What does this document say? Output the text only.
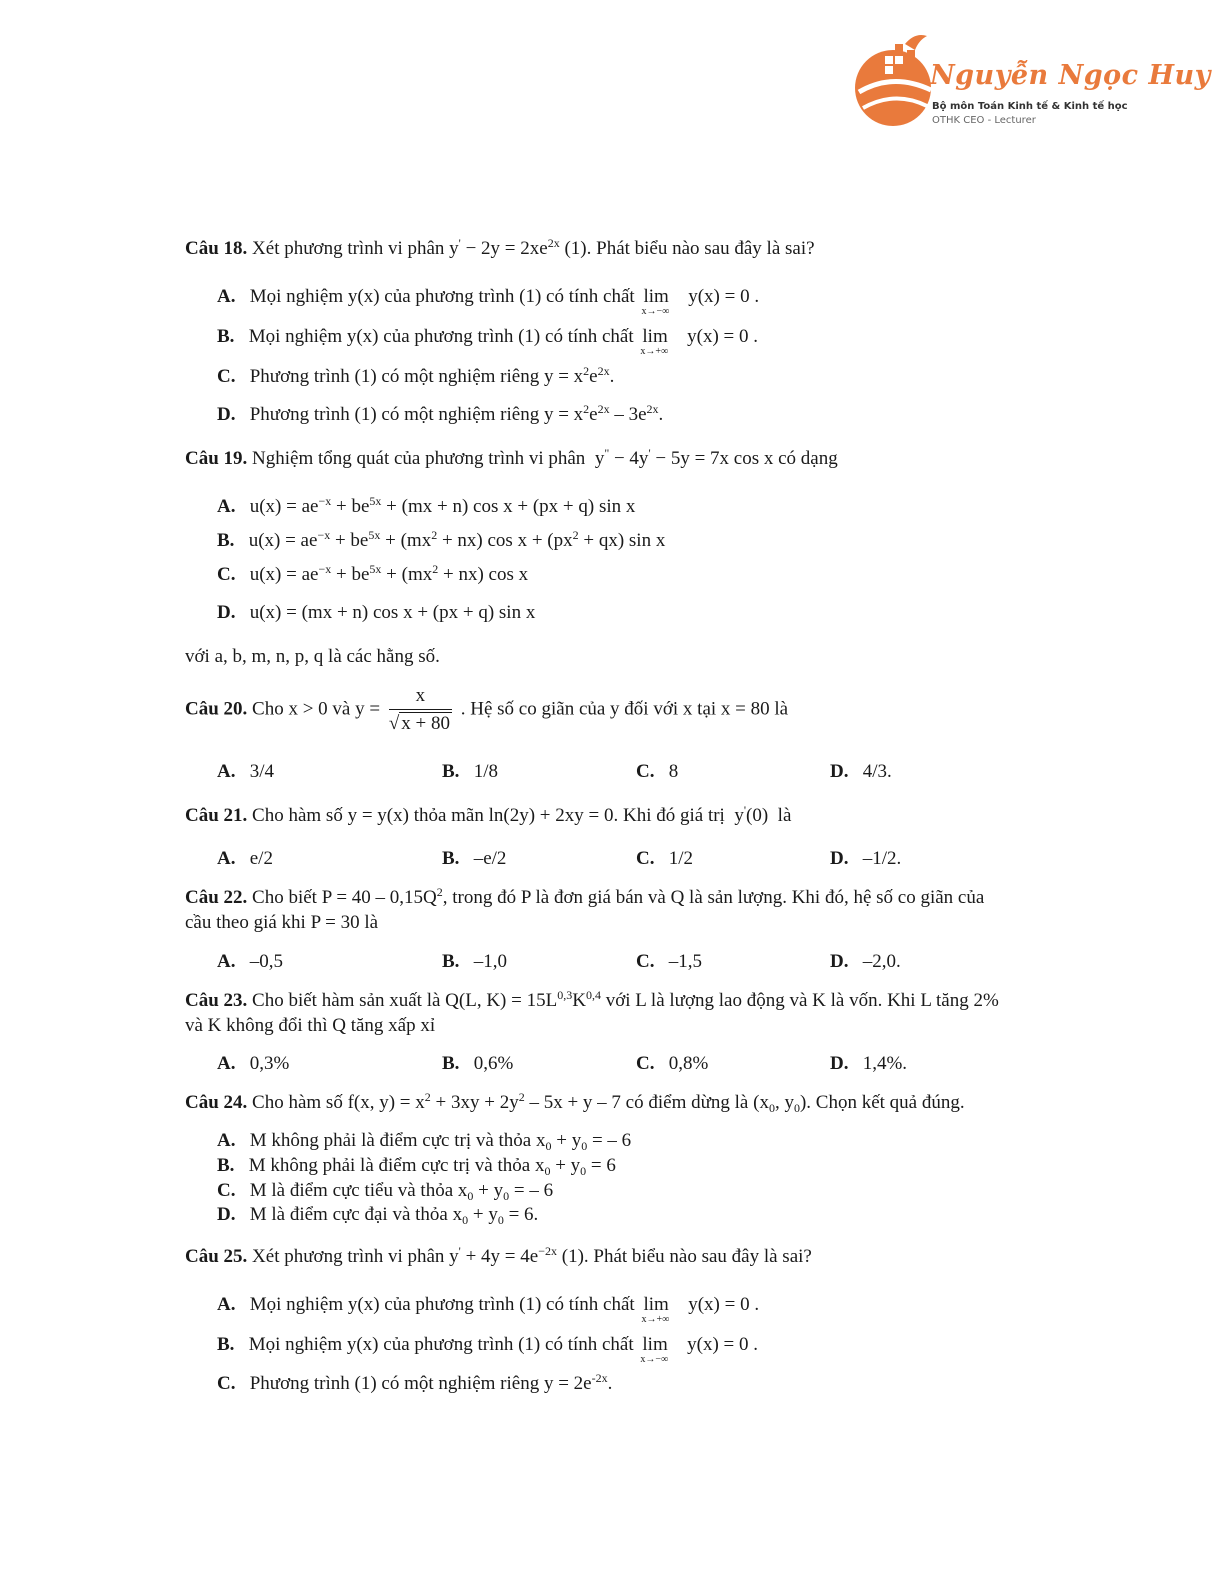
Nguyễn Ngọc Huy
Bộ môn Toán Kinh tế & Kinh tế học
OTHK CEO - Lecturer
Câu 18. Xét phương trình vi phân $y' - 2y = 2xe^{2x}$ (1). Phát biểu nào sau đây là sai?
A. Mọi nghiệm y(x) của phương trình (1) có tính chất lim
x→−∞
y(x) = 0 .
B. Mọi nghiệm y(x) của phương trình (1) có tính chất lim
x→+∞
y(x) = 0 .
C. Phương trình (1) có một nghiệm riêng $y = x^2e^{2x}$.
D. Phương trình (1) có một nghiệm riêng $y = x^2e^{2x} - 3e^{2x}$.
Câu 19. Nghiệm tổng quát của phương trình vi phân  y" − 4y' − 5y = 7x cos x có dạng
A.   $u(x) = ae^{-x} + be^{5x} + (mx + n)$ cos x + (px + q) sin x
B.   $u(x) = ae^{-x} + be^{5x} + (mx^2 + nx)$ $\cos x + (px^2 + qx)$ sin x
C.   $u(x) = ae^{-x} + be^{5x} + (mx^2 + nx)$ cos x
D.   u(x) = (mx + n) cos x + (px + q) sin x
với a, b, m, n, p, q là các hằng số.
Câu 20. Cho x > 0 và $y = \frac{x}{√ x + 80}$ . Hệ số co giãn của y đối với x tại x = 80 là
A. 3/4	B. 1/8	C. 8	D. 4/3.
Câu 21. Cho hàm số y = y(x) thỏa mãn ln(2y) + 2xy = 0. Khi đó giá trị  y'(0)  là
A. e/2	B. –e/2	C. 1/2	D. –1/2.
Câu 22. Cho biết $P = 40 - 0,15Q^2$, trong đó P là đơn giá bán và Q là sản lượng. Khi đó, hệ số co giãn của
cầu theo giá khi P = 30 là
A. –0,5	B. –1,0	C. –1,5	D. –2,0.
Câu 23. Cho biết hàm sản xuất là Q(L, $K) = 15L^{0,3}K^{0,4}$ với L là lượng lao động và K là vốn. Khi L tăng 2%
và K không đổi thì Q tăng xấp xỉ
A. 0,3%	B. 0,6%	C. 0,8%	D. 1,4%.
Câu 24. Cho hàm số f(x, $y) = x^2 + 3xy + 2y^2 - 5x + y - 7$ có điểm dừng là ($x_0$, $y_0$). Chọn kết quả đúng.
A. M không phải là điểm cực trị và thỏa $x_0 + y_0$ = – 6
B. M không phải là điểm cực trị và thỏa $x_0 + y_0 = 6$
C. M là điểm cực tiểu và thỏa $x_0 + y_0$ = – 6
D. M là điểm cực đại và thỏa $x_0 + y_0 = 6$.
Câu 25. Xét phương trình vi phân $y' + 4y = 4e^{-2x}$ (1). Phát biểu nào sau đây là sai?
A. Mọi nghiệm y(x) của phương trình (1) có tính chất lim
x→+∞
y(x) = 0 .
B. Mọi nghiệm y(x) của phương trình (1) có tính chất lim
x→−∞
y(x) = 0 .
C. Phương trình (1) có một nghiệm riêng $y = 2e^{-2x}$.
